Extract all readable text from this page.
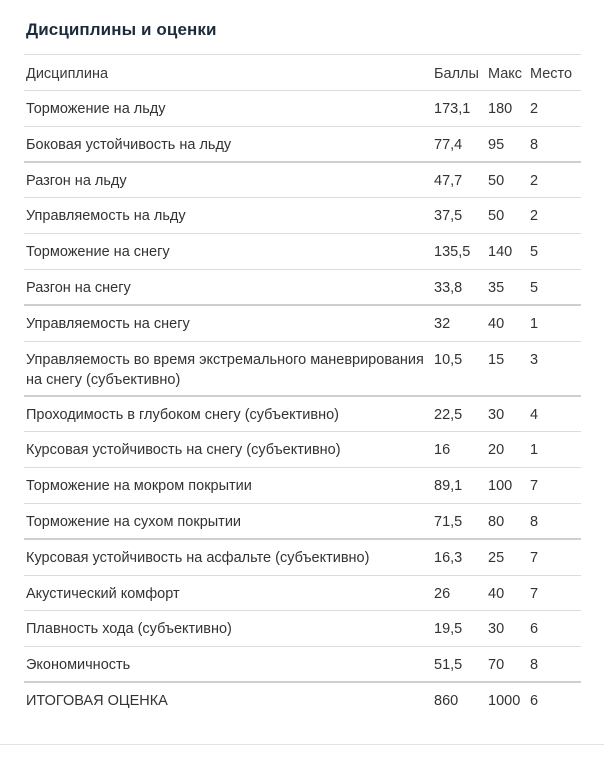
Дисциплины и оценки
Дисциплина	Баллы	Макс	Место
Торможение на льду	173,1	180	2
Боковая устойчивость на льду	77,4	95	8
Разгон на льду	47,7	50	2
Управляемость на льду	37,5	50	2
Торможение на снегу	135,5	140	5
Разгон на снегу	33,8	35	5
Управляемость на снегу	32	40	1
Управляемость во время экстремального маневрирования на снегу (субъективно)	10,5	15	3
Проходимость в глубоком снегу (субъективно)	22,5	30	4
Курсовая устойчивость на снегу (субъективно)	16	20	1
Торможение на мокром покрытии	89,1	100	7
Торможение на сухом покрытии	71,5	80	8
Курсовая устойчивость на асфальте (субъективно)	16,3	25	7
Акустический комфорт	26	40	7
Плавность хода (субъективно)	19,5	30	6
Экономичность	51,5	70	8
ИТОГОВАЯ ОЦЕНКА	860	1000	6
